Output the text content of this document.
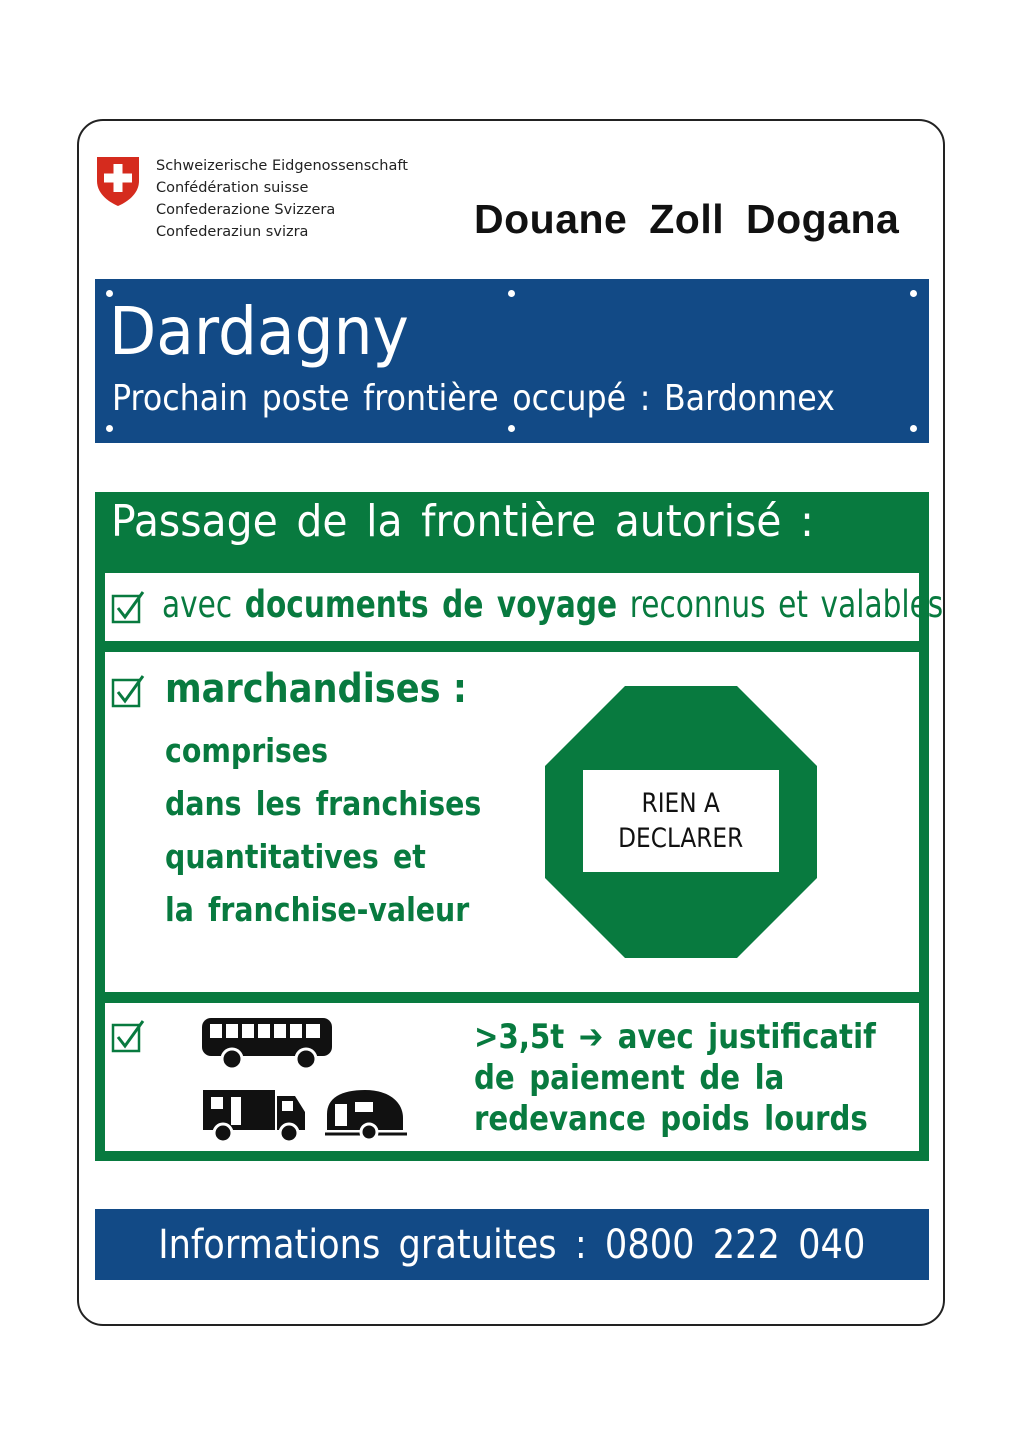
Schweizerische Eidgenossenschaft
Confédération suisse
Confederazione Svizzera
Confederaziun svizra	Douane Zoll Dogana
Dardagny
Prochain poste frontière occupé : Bardonnex
Passage de la frontière autorisé :
avec documents de voyage reconnus et valables
marchandises :
comprises
dans les franchises
quantitatives et
la franchise-valeur
RIEN A
DECLARER
>3,5t ➔ avec justificatif
de paiement de la
redevance poids lourds
Informations gratuites : 0800 222 040
